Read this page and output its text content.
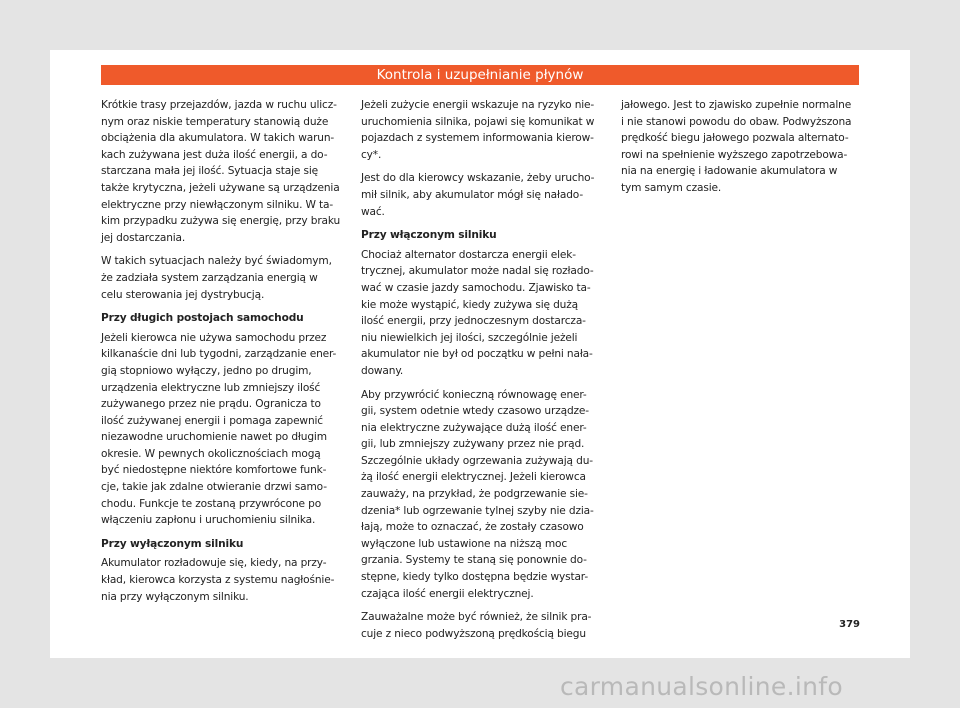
Kontrola i uzupełnianie płynów

Krótkie trasy przejazdów, jazda w ruchu ulicz-
nym oraz niskie temperatury stanowią duże
obciążenia dla akumulatora. W takich warun-
kach zużywana jest duża ilość energii, a do-
starczana mała jej ilość. Sytuacja staje się
także krytyczna, jeżeli używane są urządzenia
elektryczne przy niewłączonym silniku. W ta-
kim przypadku zużywa się energię, przy braku
jej dostarczania.

W takich sytuacjach należy być świadomym,
że zadziała system zarządzania energią w
celu sterowania jej dystrybucją.

Przy długich postojach samochodu

Jeżeli kierowca nie używa samochodu przez
kilkanaście dni lub tygodni, zarządzanie ener-
gią stopniowo wyłączy, jedno po drugim,
urządzenia elektryczne lub zmniejszy ilość
zużywanego przez nie prądu. Ogranicza to
ilość zużywanej energii i pomaga zapewnić
niezawodne uruchomienie nawet po długim
okresie. W pewnych okolicznościach mogą
być niedostępne niektóre komfortowe funk-
cje, takie jak zdalne otwieranie drzwi samo-
chodu. Funkcje te zostaną przywrócone po
włączeniu zapłonu i uruchomieniu silnika.

Przy wyłączonym silniku

Akumulator rozładowuje się, kiedy, na przy-
kład, kierowca korzysta z systemu nagłośnie-
nia przy wyłączonym silniku.

Jeżeli zużycie energii wskazuje na ryzyko nie-
uruchomienia silnika, pojawi się komunikat w
pojazdach z systemem informowania kierow-
cy*.

Jest do dla kierowcy wskazanie, żeby urucho-
mił silnik, aby akumulator mógł się nałado-
wać.

Przy włączonym silniku

Chociaż alternator dostarcza energii elek-
trycznej, akumulator może nadal się rozłado-
wać w czasie jazdy samochodu. Zjawisko ta-
kie może wystąpić, kiedy zużywa się dużą
ilość energii, przy jednoczesnym dostarcza-
niu niewielkich jej ilości, szczególnie jeżeli
akumulator nie był od początku w pełni nała-
dowany.

Aby przywrócić konieczną równowagę ener-
gii, system odetnie wtedy czasowo urządze-
nia elektryczne zużywające dużą ilość ener-
gii, lub zmniejszy zużywany przez nie prąd.
Szczególnie układy ogrzewania zużywają du-
żą ilość energii elektrycznej. Jeżeli kierowca
zauważy, na przykład, że podgrzewanie sie-
dzenia* lub ogrzewanie tylnej szyby nie dzia-
łają, może to oznaczać, że zostały czasowo
wyłączone lub ustawione na niższą moc
grzania. Systemy te staną się ponownie do-
stępne, kiedy tylko dostępna będzie wystar-
czająca ilość energii elektrycznej.

Zauważalne może być również, że silnik pra-
cuje z nieco podwyższoną prędkością biegu

jałowego. Jest to zjawisko zupełnie normalne
i nie stanowi powodu do obaw. Podwyższona
prędkość biegu jałowego pozwala alternato-
rowi na spełnienie wyższego zapotrzebowa-
nia na energię i ładowanie akumulatora w
tym samym czasie.

379
carmanualsonline.info
